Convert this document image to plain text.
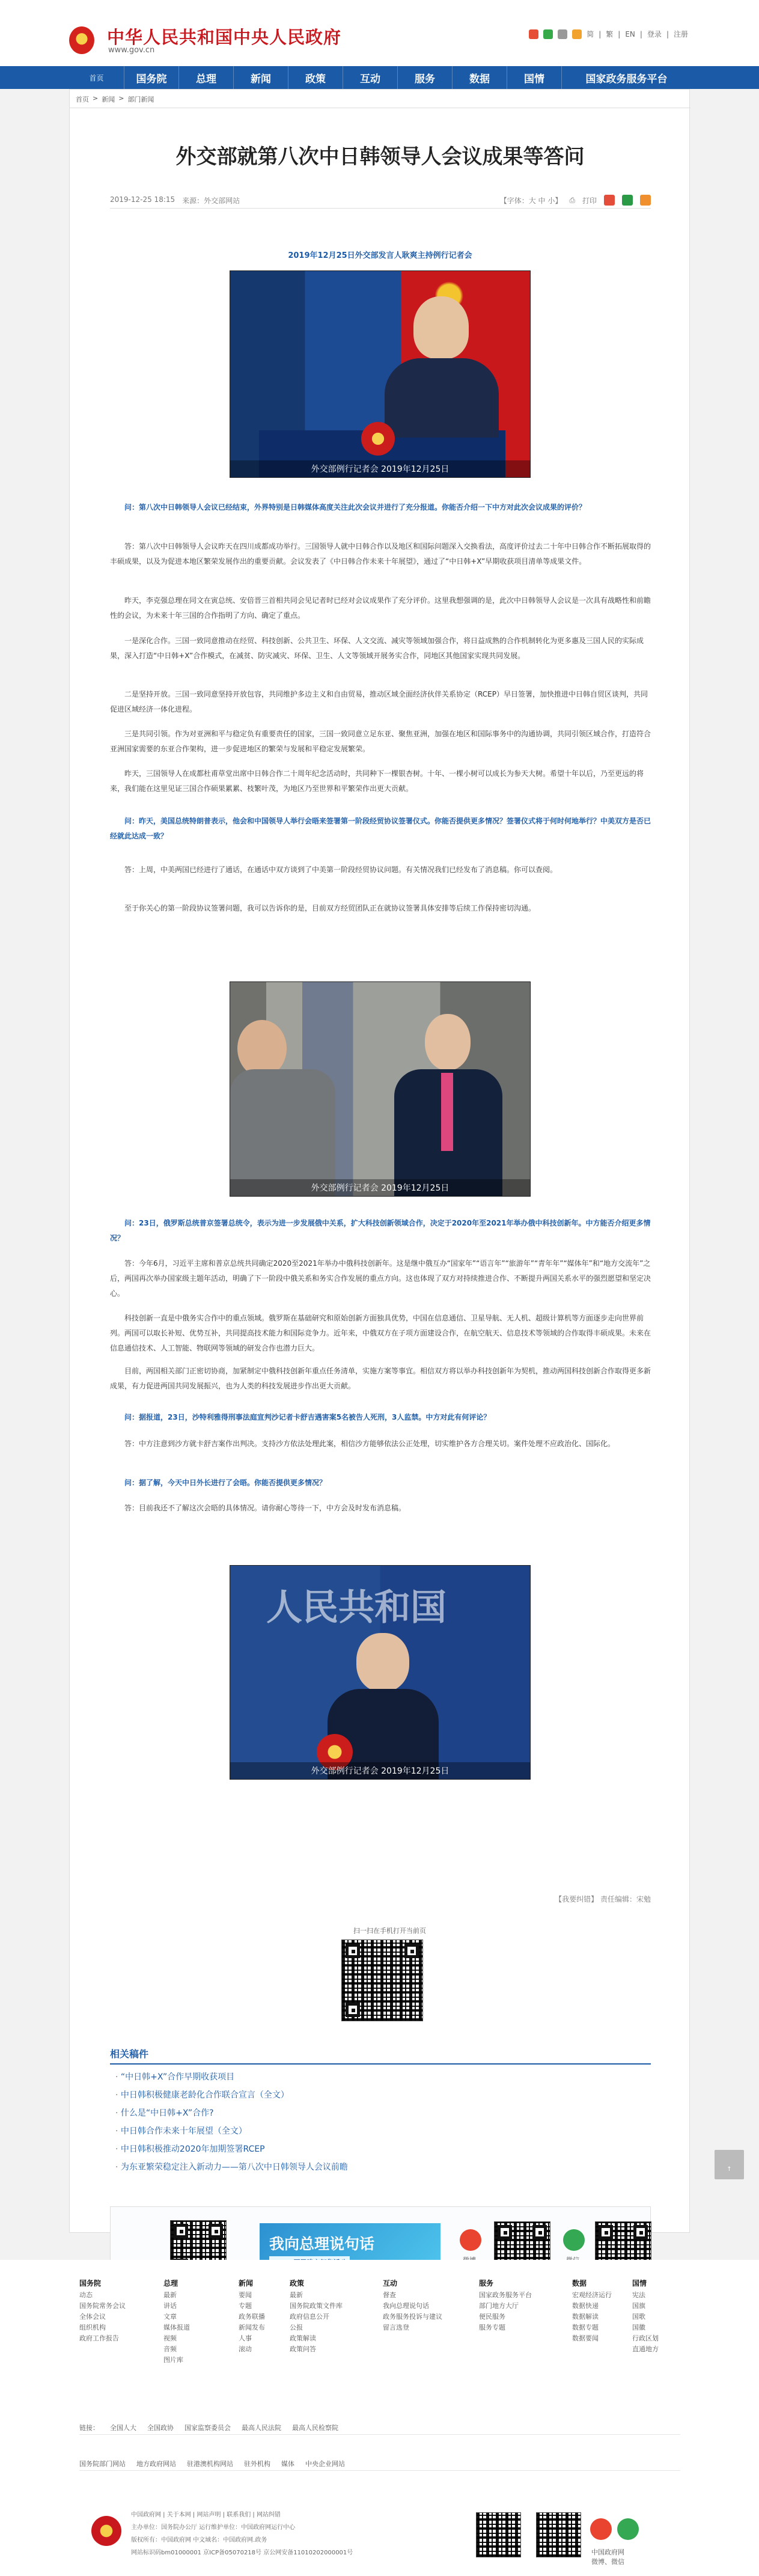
中华人民共和国中央人民政府
www.gov.cn
简 | 繁 | EN | 登录 | 注册
首页	国务院	总理	新闻	政策	互动	服务	数据	国情	国家政务服务平台
首页 > 新闻 > 部门新闻
外交部就第八次中日韩领导人会议成果等答问
2019-12-25 18:15 来源：外交部网站	【字体：大 中 小】 ⎙ 打印
2019年12月25日外交部发言人耿爽主持例行记者会
外交部例行记者会 2019年12月25日

问：第八次中日韩领导人会议已经结束，外界特别是日韩媒体高度关注此次会议并进行了充分报道。你能否介绍一下中方对此次会议成果的评价？

答：第八次中日韩领导人会议昨天在四川成都成功举行。三国领导人就中日韩合作以及地区和国际问题深入交换看法，高度评价过去二十年中日韩合作不断拓展取得的丰硕成果，以及为促进本地区繁荣发展作出的重要贡献。会议发表了《中日韩合作未来十年展望》，通过了“中日韩+X”早期收获项目清单等成果文件。

昨天，李克强总理在同文在寅总统、安倍晋三首相共同会见记者时已经对会议成果作了充分评价。这里我想强调的是，此次中日韩领导人会议是一次具有战略性和前瞻性的会议，为未来十年三国的合作指明了方向、确定了重点。

一是深化合作。三国一致同意推动在经贸、科技创新、公共卫生、环保、人文交流、减灾等领域加强合作，将日益成熟的合作机制转化为更多惠及三国人民的实际成果，深入打造“中日韩+X”合作模式，在减贫、防灾减灾、环保、卫生、人文等领域开展务实合作，同地区其他国家实现共同发展。

二是坚持开放。三国一致同意坚持开放包容，共同维护多边主义和自由贸易，推动区域全面经济伙伴关系协定（RCEP）早日签署，加快推进中日韩自贸区谈判，共同促进区域经济一体化进程。

三是共同引领。作为对亚洲和平与稳定负有重要责任的国家，三国一致同意立足东亚、聚焦亚洲，加强在地区和国际事务中的沟通协调，共同引领区域合作，打造符合亚洲国家需要的东亚合作架构，进一步促进地区的繁荣与发展和平稳定发展繁荣。

昨天，三国领导人在成都杜甫草堂出席中日韩合作二十周年纪念活动时，共同种下一棵银杏树。十年、一棵小树可以成长为参天大树。希望十年以后，乃至更远的将来，我们能在这里见证三国合作硕果累累、枝繁叶茂，为地区乃至世界和平繁荣作出更大贡献。

问：昨天，美国总统特朗普表示，他会和中国领导人举行会晤来签署第一阶段经贸协议签署仪式。你能否提供更多情况？签署仪式将于何时何地举行？中美双方是否已经就此达成一致？

答：上周，中美两国已经进行了通话，在通话中双方谈到了中美第一阶段经贸协议问题。有关情况我们已经发布了消息稿。你可以查阅。

至于你关心的第一阶段协议签署问题，我可以告诉你的是，目前双方经贸团队正在就协议签署具体安排等后续工作保持密切沟通。

外交部例行记者会 2019年12月25日

问：23日，俄罗斯总统普京签署总统令，表示为进一步发展俄中关系，扩大科技创新领域合作，决定于2020年至2021年举办俄中科技创新年。中方能否介绍更多情况？

答：今年6月，习近平主席和普京总统共同确定2020至2021年举办中俄科技创新年。这是继中俄互办“国家年”“语言年”“旅游年”“青年年”“媒体年”和“地方交流年”之后，两国再次举办国家级主题年活动，明确了下一阶段中俄关系和务实合作发展的重点方向。这也体现了双方对持续推进合作、不断提升两国关系水平的强烈愿望和坚定决心。

科技创新一直是中俄务实合作中的重点领域。俄罗斯在基础研究和原始创新方面独具优势，中国在信息通信、卫星导航、无人机、超级计算机等方面逐步走向世界前列。两国可以取长补短、优势互补，共同提高技术能力和国际竞争力。近年来，中俄双方在子项方面建设合作，在航空航天、信息技术等领域的合作取得丰硕成果。未来在信息通信技术、人工智能、物联网等领域的研发合作也潜力巨大。

目前，两国相关部门正密切协商，加紧制定中俄科技创新年重点任务清单，实施方案等事宜。相信双方将以举办科技创新年为契机，推动两国科技创新合作取得更多新成果，有力促进两国共同发展振兴，也为人类的科技发展进步作出更大贡献。

问：据报道，23日，沙特利雅得刑事法庭宣判沙记者卡舒吉遇害案5名被告人死刑，3人监禁。中方对此有何评论？

答：中方注意到沙方就卡舒吉案作出判决。支持沙方依法处理此案，相信沙方能够依法公正处理，切实维护各方合理关切。案件处理不应政治化、国际化。

问：据了解，今天中日外长进行了会晤。你能否提供更多情况？

答：目前我还不了解这次会晤的具体情况。请你耐心等待一下，中方会及时发布消息稿。

人民共和国
外交部例行记者会 2019年12月25日
【我要纠错】 责任编辑：宋勉
扫一扫在手机打开当前页
相关稿件
· “中日韩+X”合作早期收获项目
· 中日韩积极健康老龄化合作联合宣言（全文）
· 什么是“中日韩+X”合作?
· 中日韩合作未来十年展望（全文）
· 中日韩积极推动2020年加期签署RCEP
· 为东亚繁荣稳定注入新动力——第八次中日韩领导人会议前瞻
我向总理说句话
↑
国务院
动态
国务院常务会议
全体会议
组织机构
政府工作报告
总理
最新
讲话
文章
媒体报道
视频
音频
图片库
新闻
要闻
专题
政务联播
新闻发布
人事
滚动
政策
最新
国务院政策文件库
政府信息公开
公报
政策解读
政策问答
互动
督查
我向总理说句话
政务服务投诉与建议
留言选登
服务
国家政务服务平台
部门地方大厅
便民服务
服务专题
数据
宏观经济运行
数据快递
数据解读
数据专题
数据要闻
国情
宪法
国旗
国歌
国徽
行政区划
直通地方
链接： 全国人大 全国政协 国家监察委员会 最高人民法院 最高人民检察院
国务院部门网站 地方政府网站 驻港澳机构网站 驻外机构 媒体 中央企业网站
中国政府网 | 关于本网 | 网站声明 | 联系我们 | 网站纠错
主办单位：国务院办公厅 运行维护单位：中国政府网运行中心
版权所有：中国政府网 中文域名：中国政府网.政务
网站标识码bm01000001 京ICP备05070218号 京公网安备11010202000001号	中国政府网
微博、微信
